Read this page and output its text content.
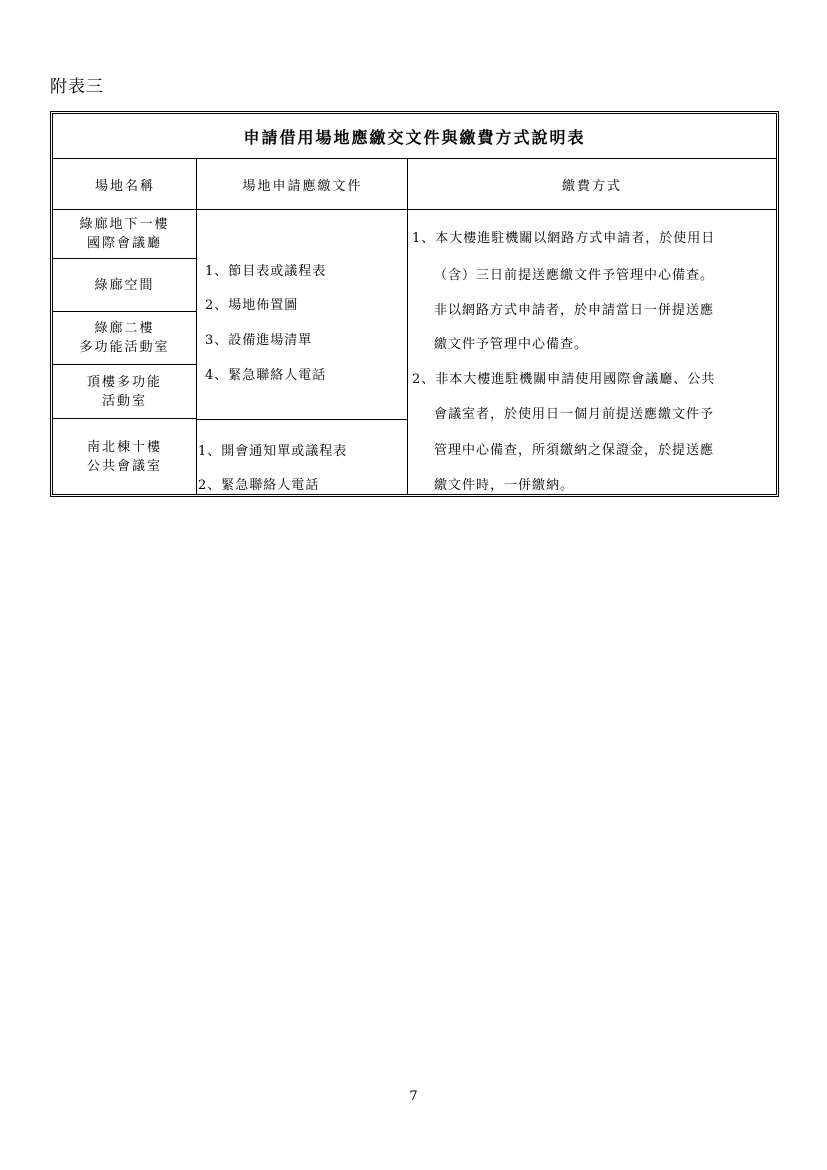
附表三
申請借用場地應繳交文件與繳費方式說明表
場地名稱	場地申請應繳文件	繳費方式
綠廊地下一樓
國際會議廳
綠廊空間
綠廊二樓
多功能活動室
頂樓多功能
活動室
南北棟十樓
公共會議室
1、節目表或議程表
2、場地佈置圖
3、設備進場清單
4、緊急聯絡人電話
1、開會通知單或議程表
2、緊急聯絡人電話
1、本大樓進駐機關以網路方式申請者，於使用日
（含）三日前提送應繳文件予管理中心備查。
非以網路方式申請者，於申請當日一併提送應
繳文件予管理中心備查。
2、非本大樓進駐機關申請使用國際會議廳、公共
會議室者，於使用日一個月前提送應繳文件予
管理中心備查，所須繳納之保證金，於提送應
繳文件時，一併繳納。
7
